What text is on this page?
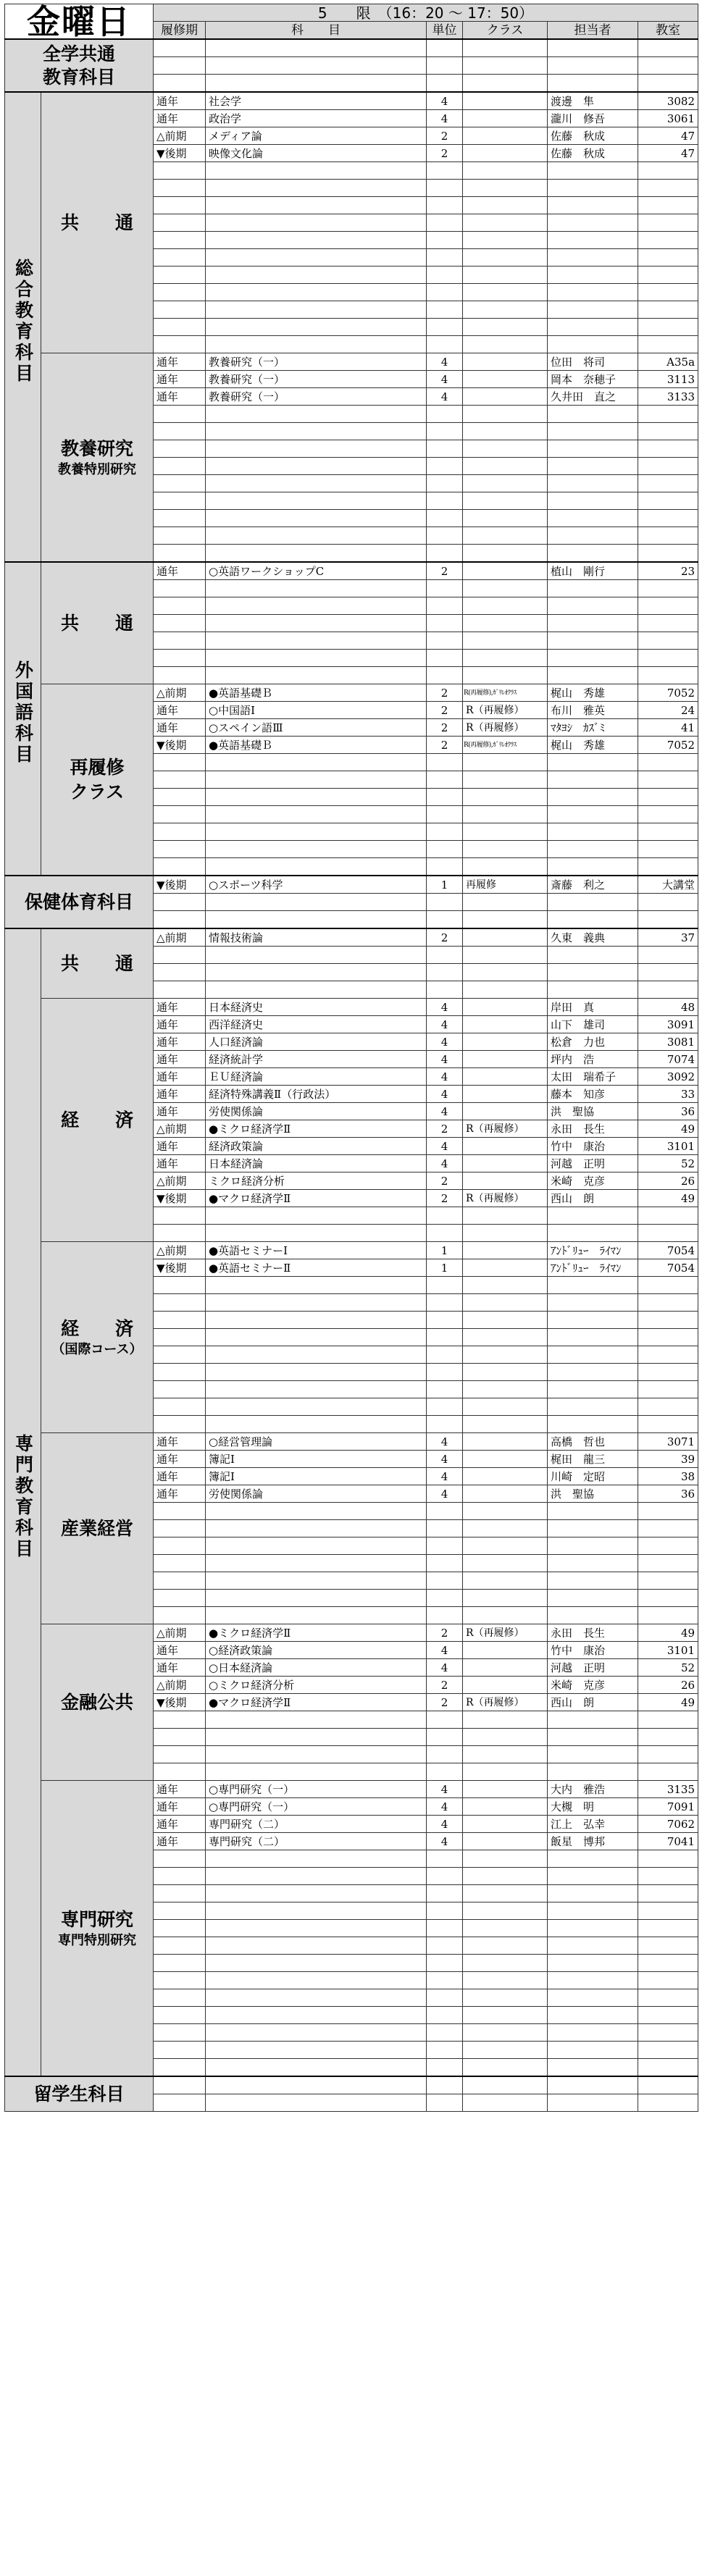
金曜日		5　　限　（16：20 ～ 17：50）					
		履修期	科　　目	単位	クラス	担当者	教室
全学共通
教育科目							

総合教育科目	共　　通	通年	社会学	4		渡邊　隼	3082
		通年	政治学	4		瀧川　修吾	3061
		△前期	メディア論	2		佐藤　秋成	47
		▼後期	映像文化論	2		佐藤　秋成	47

	教養研究
教養特別研究	通年	教養研究（一）	4		位田　将司	A35a
		通年	教養研究（一）	4		岡本　奈穂子	3113
		通年	教養研究（一）	4		久井田　直之	3133

外国語科目	共　　通	通年	○英語ワークショップC	2		植山　剛行	23

	再履修
クラス	△前期	●英語基礎Ｂ	2	R(再履修),ｶﾞﾘﾚｵｸﾗｽ	梶山　秀雄	7052
		通年	○中国語Ⅰ	2	R（再履修）	布川　雅英	24
		通年	○スペイン語Ⅲ	2	R（再履修）	ﾏﾀﾖｼ　ｶｽﾞﾐ	41
		▼後期	●英語基礎Ｂ	2	R(再履修),ｶﾞﾘﾚｵｸﾗｽ	梶山　秀雄	7052

保健体育科目		▼後期	○スポーツ科学	1	再履修	斎藤　利之	大講堂

専門教育科目	共　　通	△前期	情報技術論	2		久東　義典	37

	経　　済	通年	日本経済史	4		岸田　真	48
		通年	西洋経済史	4		山下　雄司	3091
		通年	人口経済論	4		松倉　力也	3081
		通年	経済統計学	4		坪内　浩	7074
		通年	ＥＵ経済論	4		太田　瑞希子	3092
		通年	経済特殊講義Ⅱ（行政法）	4		藤本　知彦	33
		通年	労使関係論	4		洪　聖協	36
		△前期	●ミクロ経済学Ⅱ	2	R（再履修）	永田　長生	49
		通年	経済政策論	4		竹中　康治	3101
		通年	日本経済論	4		河越　正明	52
		△前期	ミクロ経済分析	2		米崎　克彦	26
		▼後期	●マクロ経済学Ⅱ	2	R（再履修）	西山　朗	49

	経　　済
（国際コース）	△前期	●英語セミナーⅠ	1		ｱﾝﾄﾞﾘｭｰ　ﾗｲﾏﾝ	7054
		▼後期	●英語セミナーⅡ	1		ｱﾝﾄﾞﾘｭｰ　ﾗｲﾏﾝ	7054

	産業経営	通年	○経営管理論	4		高橋　哲也	3071
		通年	簿記Ⅰ	4		梶田　龍三	39
		通年	簿記Ⅰ	4		川崎　定昭	38
		通年	労使関係論	4		洪　聖協	36

	金融公共	△前期	●ミクロ経済学Ⅱ	2	R（再履修）	永田　長生	49
		通年	○経済政策論	4		竹中　康治	3101
		通年	○日本経済論	4		河越　正明	52
		△前期	○ミクロ経済分析	2		米崎　克彦	26
		▼後期	●マクロ経済学Ⅱ	2	R（再履修）	西山　朗	49

	専門研究
専門特別研究	通年	○専門研究（一）	4		大内　雅浩	3135
		通年	○専門研究（一）	4		大槻　明	7091
		通年	専門研究（二）	4		江上　弘幸	7062
		通年	専門研究（二）	4		飯星　博邦	7041

留学生科目							
